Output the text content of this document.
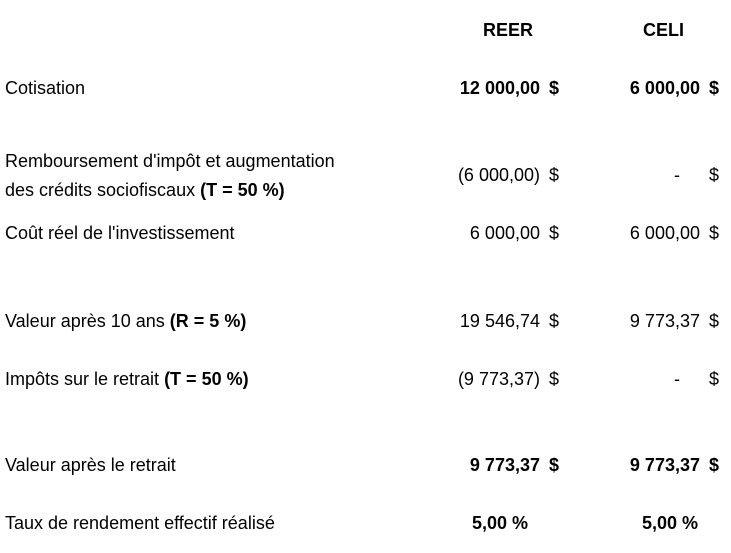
REER	CELI
Cotisation	12 000,00 $	6 000,00 $
Remboursement d'impôt et augmentation
des crédits sociofiscaux (T = 50 %)
(6 000,00) $	- $
Coût réel de l'investissement	6 000,00 $	6 000,00 $
Valeur après 10 ans (R = 5 %)	19 546,74 $	9 773,37 $
Impôts sur le retrait (T = 50 %)	(9 773,37) $	- $
Valeur après le retrait	9 773,37 $	9 773,37 $
Taux de rendement effectif réalisé	5,00 %	5,00 %
